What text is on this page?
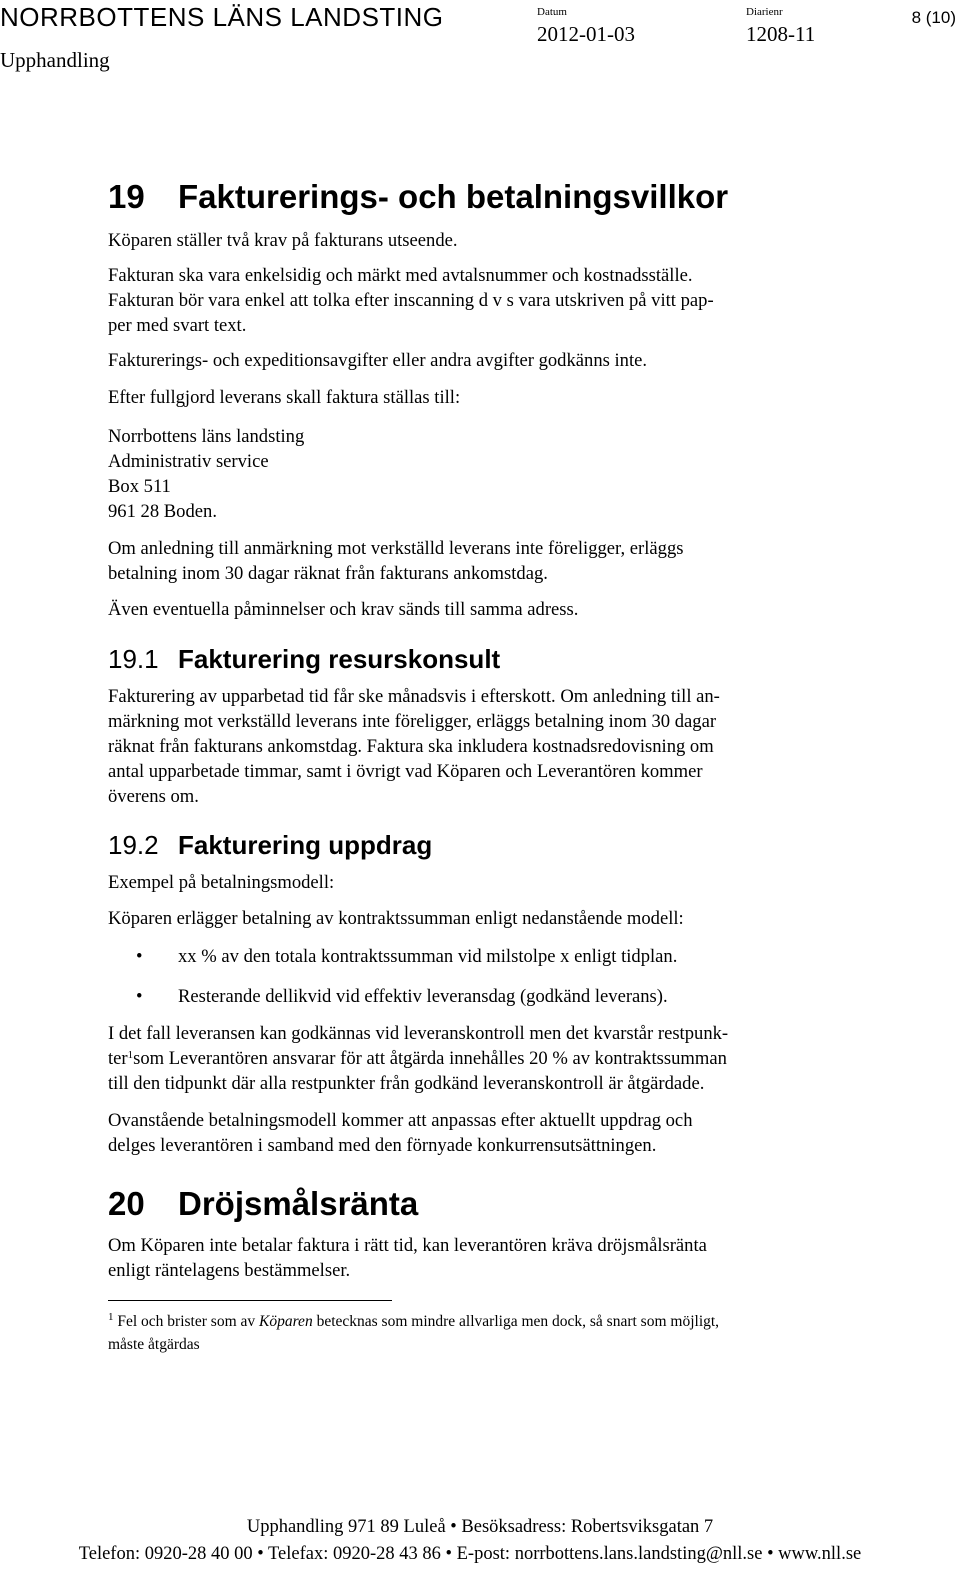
NORRBOTTENS LÄNS LANDSTING
Upphandling
Datum
2012-01-03
Diarienr
1208-11
8 (10)
19 Fakturerings- och betalningsvillkor
Köparen ställer två krav på fakturans utseende.
Fakturan ska vara enkelsidig och märkt med avtalsnummer och kostnadsställe.
Fakturan bör vara enkel att tolka efter inscanning d v s vara utskriven på vitt pap-
per med svart text.
Fakturerings- och expeditionsavgifter eller andra avgifter godkänns inte.
Efter fullgjord leverans skall faktura ställas till:
Norrbottens läns landsting
Administrativ service
Box 511
961 28 Boden.
Om anledning till anmärkning mot verkställd leverans inte föreligger, erläggs
betalning inom 30 dagar räknat från fakturans ankomstdag.
Även eventuella påminnelser och krav sänds till samma adress.
19.1 Fakturering resurskonsult
Fakturering av upparbetad tid får ske månadsvis i efterskott. Om anledning till an-
märkning mot verkställd leverans inte föreligger, erläggs betalning inom 30 dagar
räknat från fakturans ankomstdag. Faktura ska inkludera kostnadsredovisning om
antal upparbetade timmar, samt i övrigt vad Köparen och Leverantören kommer
överens om.
19.2 Fakturering uppdrag
Exempel på betalningsmodell:
Köparen erlägger betalning av kontraktssumman enligt nedanstående modell:
• xx % av den totala kontraktssumman vid milstolpe x enligt tidplan.
• Resterande dellikvid vid effektiv leveransdag (godkänd leverans).
I det fall leveransen kan godkännas vid leveranskontroll men det kvarstår restpunk-
ter$^1$som Leverantören ansvarar för att åtgärda innehålles 20 % av kontraktssumman
till den tidpunkt där alla restpunkter från godkänd leveranskontroll är åtgärdade.
Ovanstående betalningsmodell kommer att anpassas efter aktuellt uppdrag och
delges leverantören i samband med den förnyade konkurrensutsättningen.
20 Dröjsmålsränta
Om Köparen inte betalar faktura i rätt tid, kan leverantören kräva dröjsmålsränta
enligt räntelagens bestämmelser.
$^1$ Fel och brister som av Köparen betecknas som mindre allvarliga men dock, så snart som möjligt,
måste åtgärdas
Upphandling 971 89 Luleå • Besöksadress: Robertsviksgatan 7
Telefon: 0920-28 40 00 • Telefax: 0920-28 43 86 • E-post: norrbottens.lans.landsting@nll.se • www.nll.se
